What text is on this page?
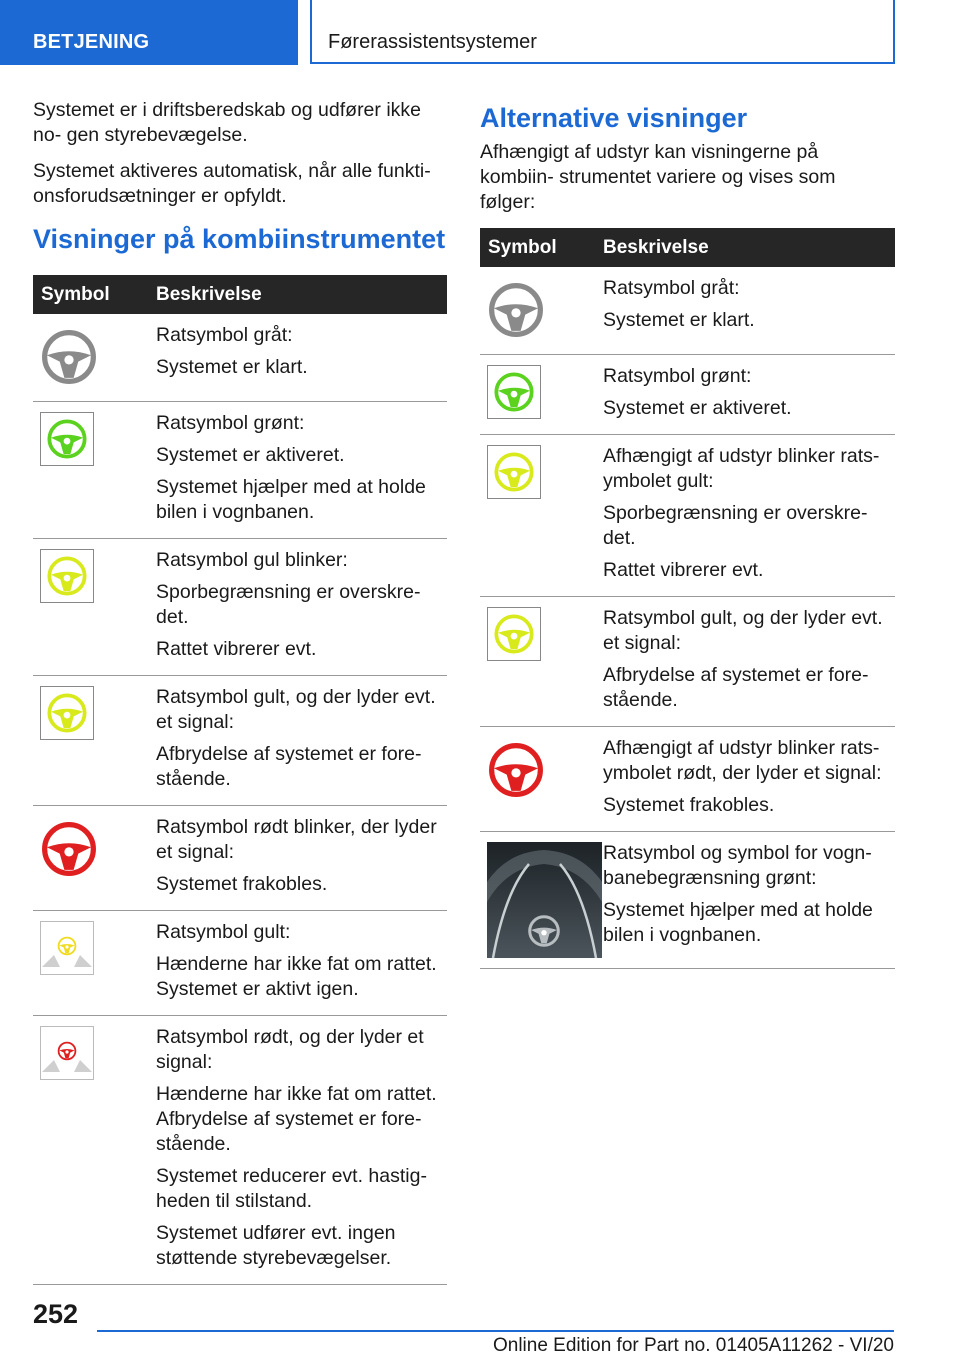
BETJENING	Førerassistentsystemer

Systemet er i driftsberedskab og udfører ikke no‐ gen styrebevægelse.

Systemet aktiveres automatisk, når alle funkti‐ onsforudsætninger er opfyldt.

Visninger på kombiinstrumentet
Symbol	Beskrivelse

Ratsymbol gråt:
Systemet er klart.

Ratsymbol grønt:
Systemet er aktiveret.
Systemet hjælper med at holde bilen i vognbanen.

Ratsymbol gul blinker:
Sporbegrænsning er overskre‐ det.
Rattet vibrerer evt.

Ratsymbol gult, og der lyder evt. et signal:
Afbrydelse af systemet er fore‐ stående.

Ratsymbol rødt blinker, der lyder et signal:
Systemet frakobles.

Ratsymbol gult:
Hænderne har ikke fat om rattet. Systemet er aktivt igen.

Ratsymbol rødt, og der lyder et signal:
Hænderne har ikke fat om rattet. Afbrydelse af systemet er fore‐ stående.
Systemet reducerer evt. hastig‐ heden til stilstand.
Systemet udfører evt. ingen støttende styrebevægelser.
Alternative visninger

Afhængigt af udstyr kan visningerne på kombiin‐ strumentet variere og vises som følger:

Symbol	Beskrivelse

Ratsymbol gråt:
Systemet er klart.

Ratsymbol grønt:
Systemet er aktiveret.

Afhængigt af udstyr blinker rats‐ ymbolet gult:
Sporbegrænsning er overskre‐ det.
Rattet vibrerer evt.

Ratsymbol gult, og der lyder evt. et signal:
Afbrydelse af systemet er fore‐ stående.

Afhængigt af udstyr blinker rats‐ ymbolet rødt, der lyder et signal:
Systemet frakobles.

Ratsymbol og symbol for vogn‐ banebegrænsning grønt:
Systemet hjælper med at holde bilen i vognbanen.
252
Online Edition for Part no. 01405A11262 - VI/20
